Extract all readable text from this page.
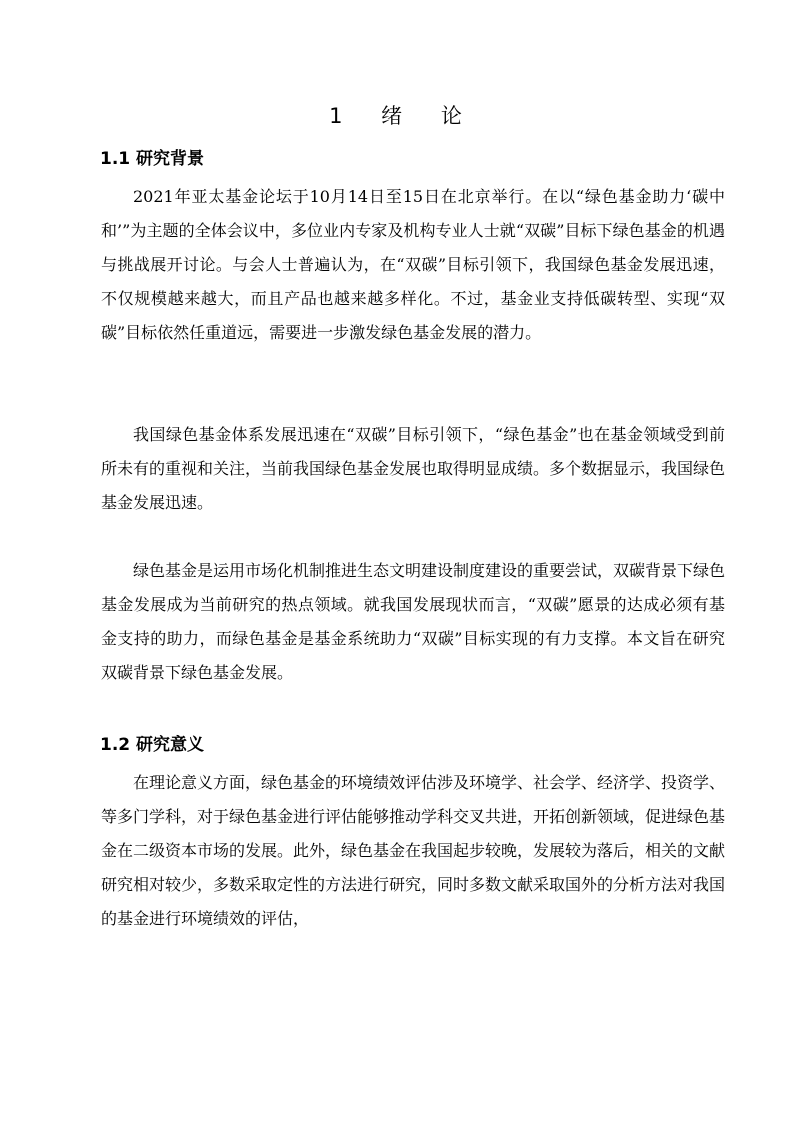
1 绪 论
1.1 研究背景

2021年亚太基金论坛于10月14日至15日在北京举行。在以“绿色基金助力‘碳中和’”为主题的全体会议中，多位业内专家及机构专业人士就“双碳”目标下绿色基金的机遇与挑战展开讨论。与会人士普遍认为，在“双碳”目标引领下，我国绿色基金发展迅速，不仅规模越来越大，而且产品也越来越多样化。不过，基金业支持低碳转型、实现“双碳”目标依然任重道远，需要进一步激发绿色基金发展的潜力。

我国绿色基金体系发展迅速在“双碳”目标引领下，“绿色基金”也在基金领域受到前所未有的重视和关注，当前我国绿色基金发展也取得明显成绩。多个数据显示，我国绿色基金发展迅速。

绿色基金是运用市场化机制推进生态文明建设制度建设的重要尝试，双碳背景下绿色基金发展成为当前研究的热点领域。就我国发展现状而言，“双碳”愿景的达成必须有基金支持的助力，而绿色基金是基金系统助力“双碳”目标实现的有力支撑。本文旨在研究双碳背景下绿色基金发展。

1.2 研究意义

在理论意义方面，绿色基金的环境绩效评估涉及环境学、社会学、经济学、投资学、等多门学科，对于绿色基金进行评估能够推动学科交叉共进，开拓创新领域，促进绿色基金在二级资本市场的发展。此外，绿色基金在我国起步较晚，发展较为落后，相关的文献研究相对较少，多数采取定性的方法进行研究，同时多数文献采取国外的分析方法对我国的基金进行环境绩效的评估，
